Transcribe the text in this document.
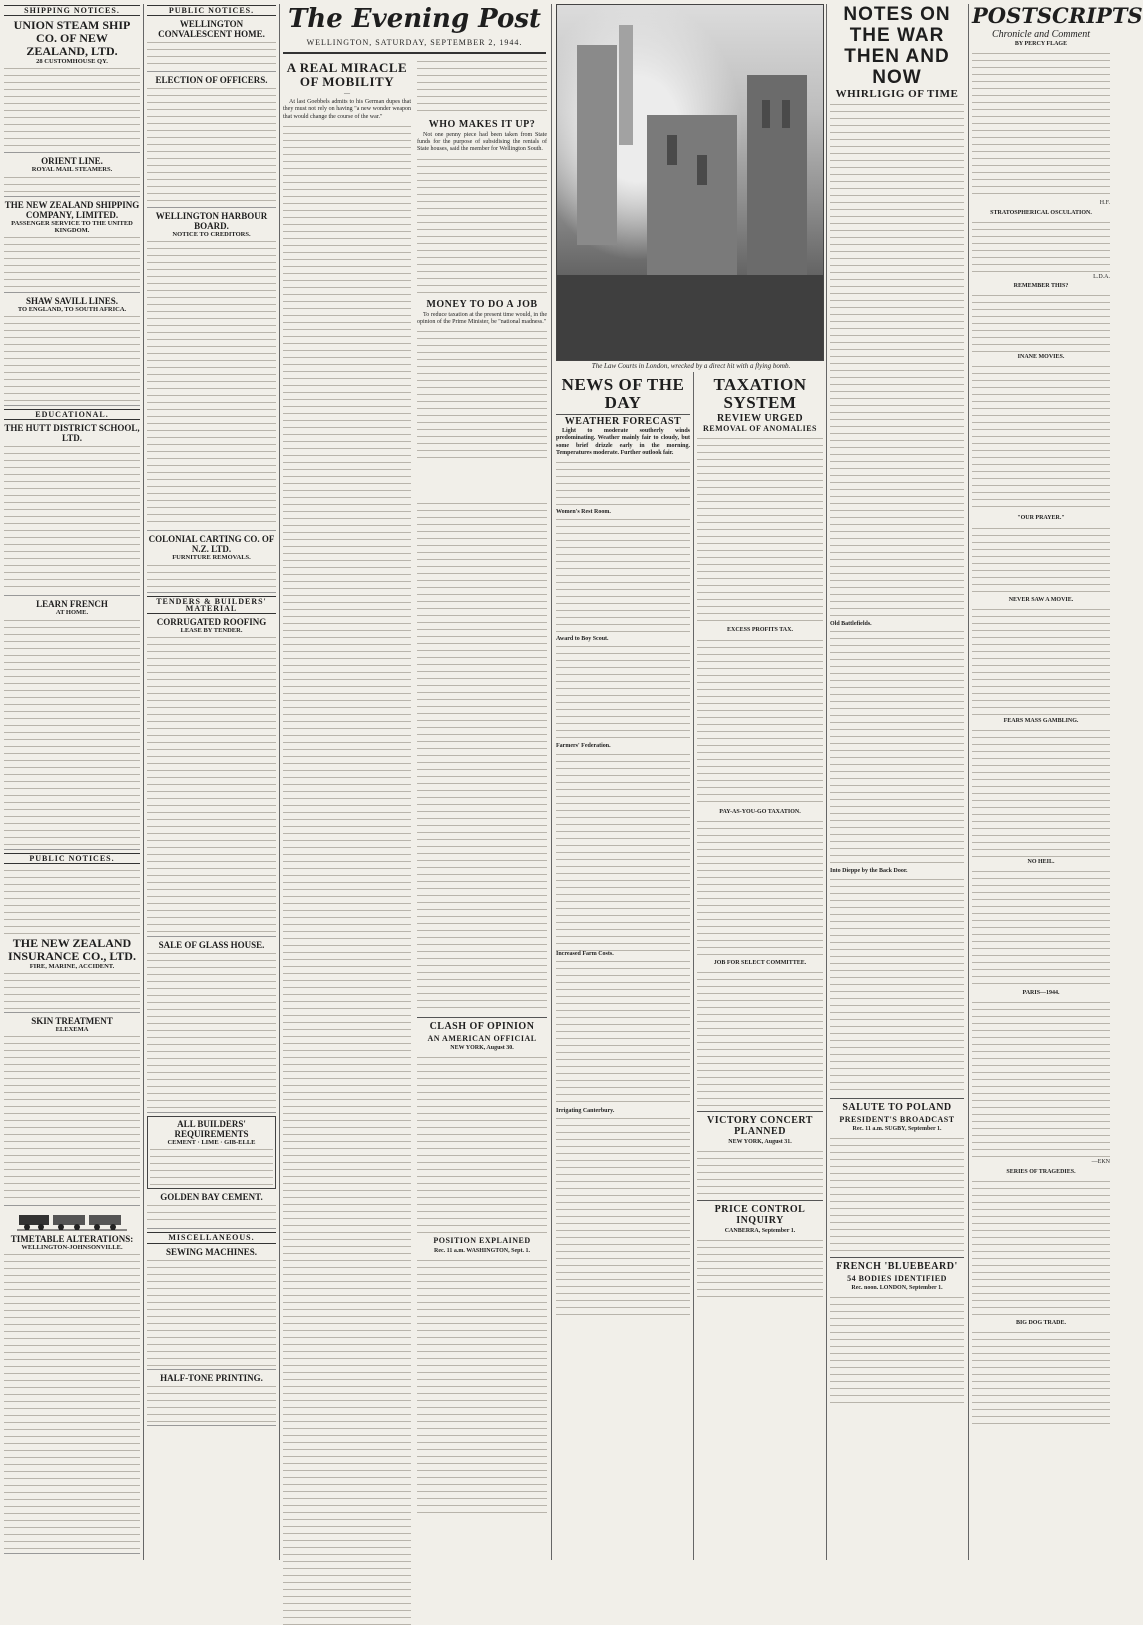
SHIPPING NOTICES.
UNION STEAM SHIP CO. OF NEW ZEALAND, LTD.
28 CUSTOMHOUSE QY.
ORIENT LINE.
ROYAL MAIL STEAMERS.
THE NEW ZEALAND SHIPPING COMPANY, LIMITED.
PASSENGER SERVICE TO THE UNITED KINGDOM.
SHAW SAVILL LINES.
TO ENGLAND, TO SOUTH AFRICA.
EDUCATIONAL.
THE HUTT DISTRICT SCHOOL, LTD.
LEARN FRENCH
AT HOME.
PUBLIC NOTICES.
THE NEW ZEALAND INSURANCE CO., LTD.
FIRE, MARINE, ACCIDENT.
SKIN TREATMENT
ELEXEMA
TIMETABLE ALTERATIONS:
WELLINGTON-JOHNSONVILLE.
PUBLIC NOTICES.
WELLINGTON CONVALESCENT HOME.
ELECTION OF OFFICERS.
WELLINGTON HARBOUR BOARD.
NOTICE TO CREDITORS.
COLONIAL CARTING CO. OF N.Z. LTD.
FURNITURE REMOVALS.
TENDERS & BUILDERS' MATERIAL
CORRUGATED ROOFING
LEASE BY TENDER.
SALE OF GLASS HOUSE.
ALL BUILDERS' REQUIREMENTS
CEMENT · LIME · GIB-ELLE
GOLDEN BAY CEMENT.
MISCELLANEOUS.
SEWING MACHINES.
HALF-TONE PRINTING.
The Evening Post
WELLINGTON, SATURDAY, SEPTEMBER 2, 1944.
A REAL MIRACLE OF MOBILITY
—

At last Goebbels admits to his German dupes that they must not rely on having "a new wonder weapon that would change the course of the war."

WHO MAKES IT UP?

Not one penny piece had been taken from State funds for the purpose of subsidising the rentals of State houses, said the member for Wellington South.

MONEY TO DO A JOB

To reduce taxation at the present time would, in the opinion of the Prime Minister, be "national madness."

CLASH OF OPINION
AN AMERICAN OFFICIAL
NEW YORK, August 30.
POSITION EXPLAINED
Rec. 11 a.m. WASHINGTON, Sept. 1.
The Law Courts in London, wrecked by a direct hit with a flying bomb.
NEWS OF THE DAY
WEATHER FORECAST

Light to moderate southerly winds predominating. Weather mainly fair to cloudy, but some brief drizzle early in the morning. Temperatures moderate. Further outlook fair.

Women's Rest Room.
Award to Boy Scout.
Farmers' Federation.
Increased Farm Costs.
Irrigating Canterbury.
TAXATION SYSTEM
REVIEW URGED
REMOVAL OF ANOMALIES
EXCESS PROFITS TAX.
PAY-AS-YOU-GO TAXATION.
JOB FOR SELECT COMMITTEE.
VICTORY CONCERT PLANNED
NEW YORK, August 31.
PRICE CONTROL INQUIRY
CANBERRA, September 1.
NOTES ON THE WAR THEN AND NOW
WHIRLIGIG OF TIME
Old Battlefields.
Into Dieppe by the Back Door.
SALUTE TO POLAND
PRESIDENT'S BROADCAST
Rec. 11 a.m. SUGBY, September 1.
FRENCH 'BLUEBEARD'
54 BODIES IDENTIFIED
Rec. noon. LONDON, September 1.
POSTSCRIPTS
Chronicle and Comment
BY PERCY FLAGE
H.F.
STRATOSPHERICAL OSCULATION.
L.D.A.
REMEMBER THIS?
INANE MOVIES.
"OUR PRAYER."
NEVER SAW A MOVIE.
FEARS MASS GAMBLING.
NO HEIL.
PARIS—1944.
—EKN
SERIES OF TRAGEDIES.
BIG DOG TRADE.
